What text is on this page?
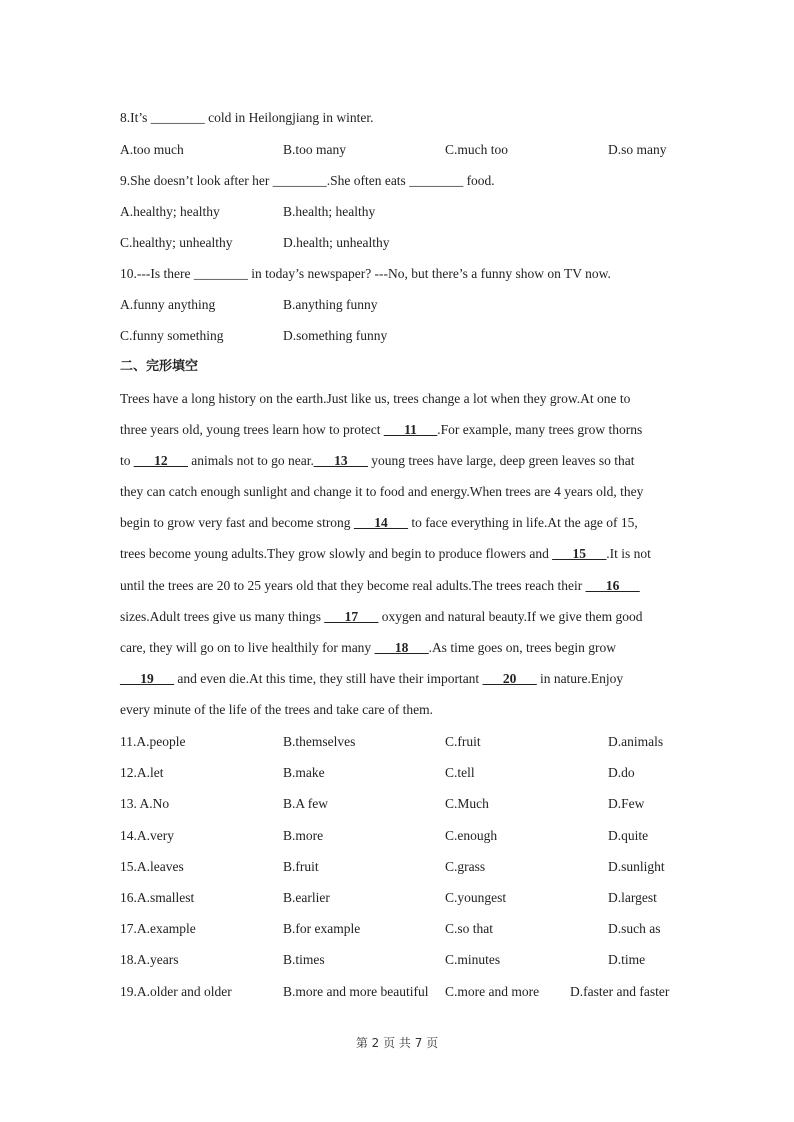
8.It’s ________ cold in Heilongjiang in winter.
A.too much	B.too many	C.much too	D.so many
9.She doesn’t look after her ________.She often eats ________ food.
A.healthy; healthy	B.health; healthy
C.healthy; unhealthy	D.health; unhealthy
10.---Is there ________ in today’s newspaper? ---No, but there’s a funny show on TV now.
A.funny anything	B.anything funny
C.funny something	D.something funny
二、完形填空
Trees have a long history on the earth.Just like us, trees change a lot when they grow.At one to
three years old, young trees learn how to protect ___11___.For example, many trees grow thorns
to ___12___ animals not to go near.___13___ young trees have large, deep green leaves so that
they can catch enough sunlight and change it to food and energy.When trees are 4 years old, they
begin to grow very fast and become strong ___14___ to face everything in life.At the age of 15,
trees become young adults.They grow slowly and begin to produce flowers and ___15___.It is not
until the trees are 20 to 25 years old that they become real adults.The trees reach their ___16___
sizes.Adult trees give us many things ___17___ oxygen and natural beauty.If we give them good
care, they will go on to live healthily for many ___18___.As time goes on, trees begin grow
___19___ and even die.At this time, they still have their important ___20___ in nature.Enjoy
every minute of the life of the trees and take care of them.
11.A.people	B.themselves	C.fruit	D.animals
12.A.let	B.make	C.tell	D.do
13. A.No	B.A few	C.Much	D.Few
14.A.very	B.more	C.enough	D.quite
15.A.leaves	B.fruit	C.grass	D.sunlight
16.A.smallest	B.earlier	C.youngest	D.largest
17.A.example	B.for example	C.so that	D.such as
18.A.years	B.times	C.minutes	D.time
19.A.older and older	B.more and more beautiful C.more and more D.faster and faster
第 2 页 共 7 页
